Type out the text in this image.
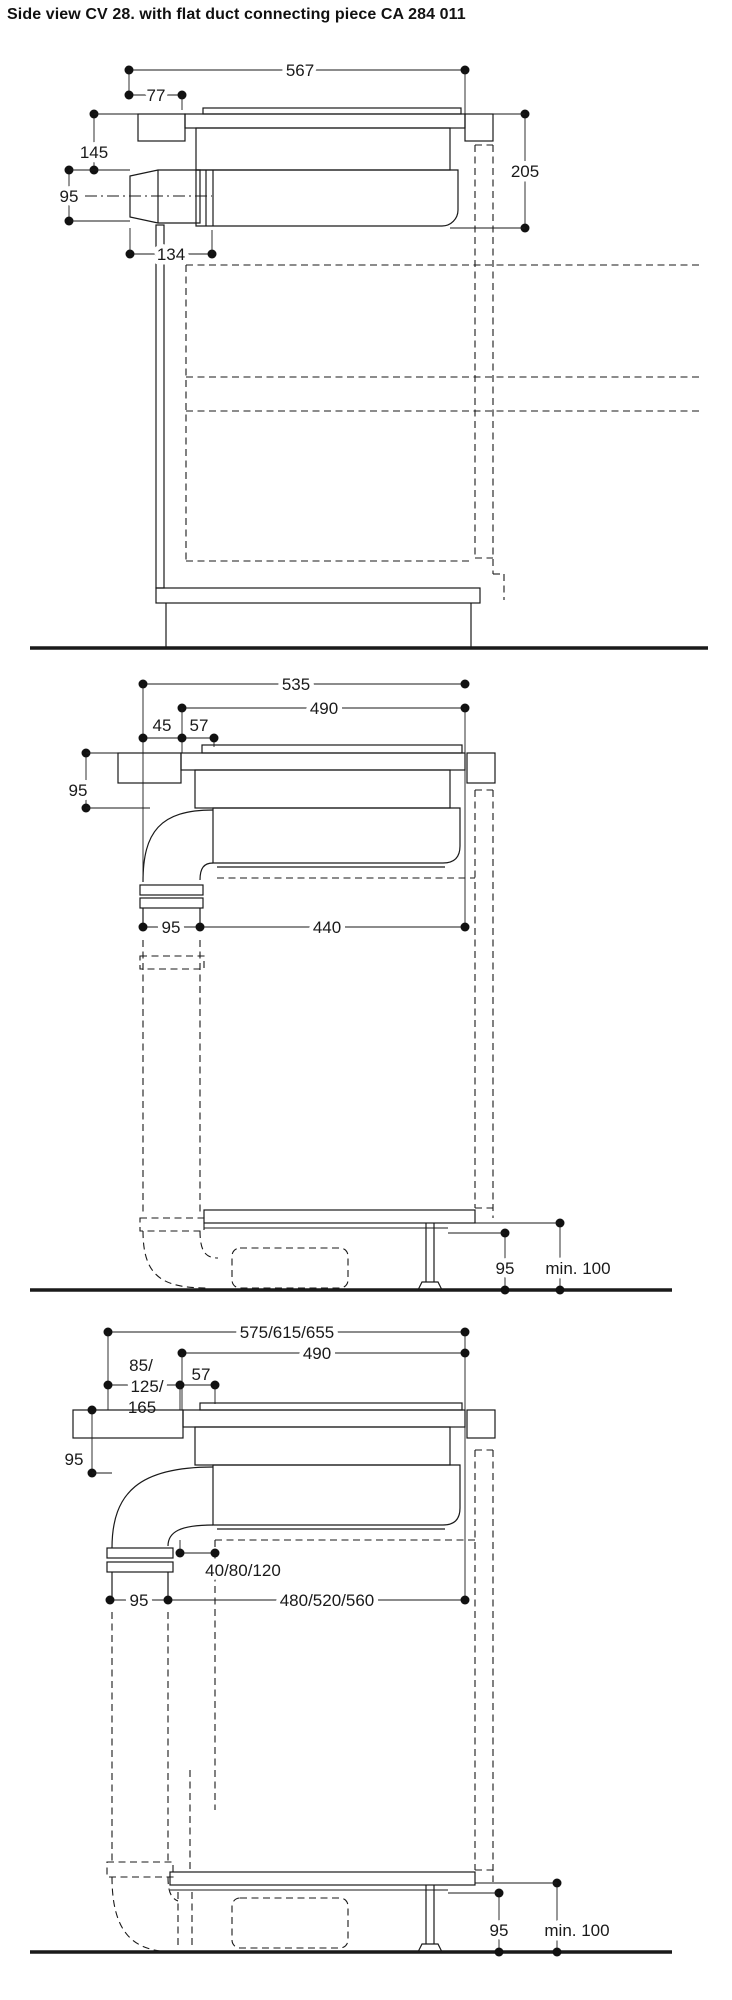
Side view CV 28. with flat duct connecting piece CA 284 011
567
77
145
95
205
134
535
490
45 57
95
95	440
95 min. 100
575/615/655
490
85/
125/
165
57
95
40/80/120
95	480/520/560
95 min. 100
